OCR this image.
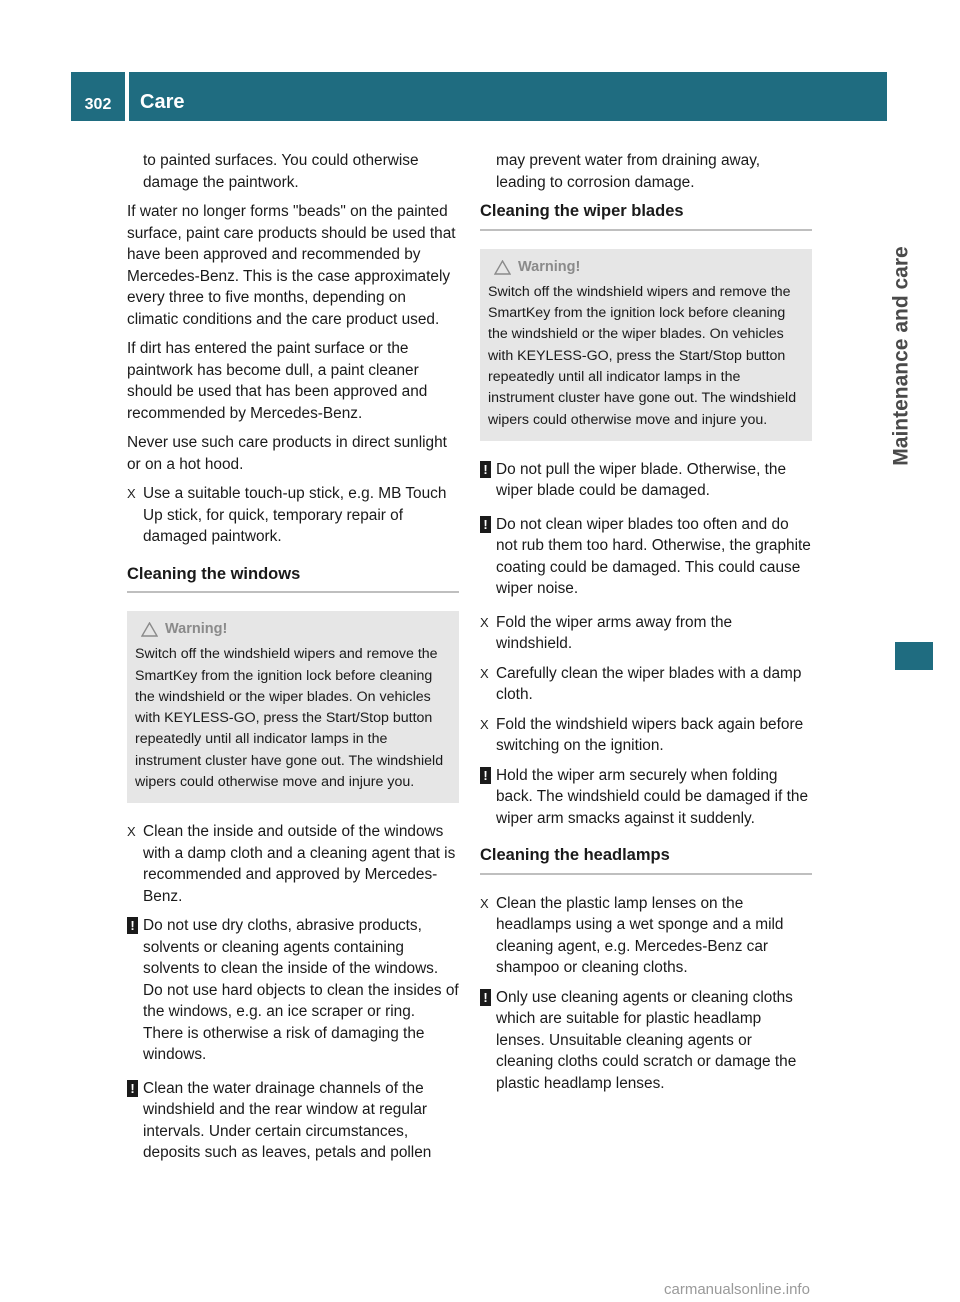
302	Care
Maintenance and care

to painted surfaces. You could otherwise damage the paintwork.

If water no longer forms "beads" on the painted surface, paint care products should be used that have been approved and recommended by Mercedes-Benz. This is the case approximately every three to five months, depending on climatic conditions and the care product used.

If dirt has entered the paint surface or the paintwork has become dull, a paint cleaner should be used that has been approved and recommended by Mercedes-Benz.

Never use such care products in direct sunlight or on a hot hood.

X Use a suitable touch-up stick, e.g. MB Touch Up stick, for quick, temporary repair of damaged paintwork.
Cleaning the windows
Warning!
Switch off the windshield wipers and remove the SmartKey from the ignition lock before cleaning the windshield or the wiper blades. On vehicles with KEYLESS-GO, press the Start/Stop button repeatedly until all indicator lamps in the instrument cluster have gone out. The windshield wipers could otherwise move and injure you.
X Clean the inside and outside of the windows with a damp cloth and a cleaning agent that is recommended and approved by Mercedes-Benz.
! Do not use dry cloths, abrasive products, solvents or cleaning agents containing solvents to clean the inside of the windows. Do not use hard objects to clean the insides of the windows, e.g. an ice scraper or ring. There is otherwise a risk of damaging the windows.
! Clean the water drainage channels of the windshield and the rear window at regular intervals. Under certain circumstances, deposits such as leaves, petals and pollen

may prevent water from draining away, leading to corrosion damage.

Cleaning the wiper blades
Warning!
Switch off the windshield wipers and remove the SmartKey from the ignition lock before cleaning the windshield or the wiper blades. On vehicles with KEYLESS-GO, press the Start/Stop button repeatedly until all indicator lamps in the instrument cluster have gone out. The windshield wipers could otherwise move and injure you.
! Do not pull the wiper blade. Otherwise, the wiper blade could be damaged.
! Do not clean wiper blades too often and do not rub them too hard. Otherwise, the graphite coating could be damaged. This could cause wiper noise.
X Fold the wiper arms away from the windshield.
X Carefully clean the wiper blades with a damp cloth.
X Fold the windshield wipers back again before switching on the ignition.
! Hold the wiper arm securely when folding back. The windshield could be damaged if the wiper arm smacks against it suddenly.
Cleaning the headlamps
X Clean the plastic lamp lenses on the headlamps using a wet sponge and a mild cleaning agent, e.g. Mercedes-Benz car shampoo or cleaning cloths.
! Only use cleaning agents or cleaning cloths which are suitable for plastic headlamp lenses. Unsuitable cleaning agents or cleaning cloths could scratch or damage the plastic headlamp lenses.
carmanualsonline.info
